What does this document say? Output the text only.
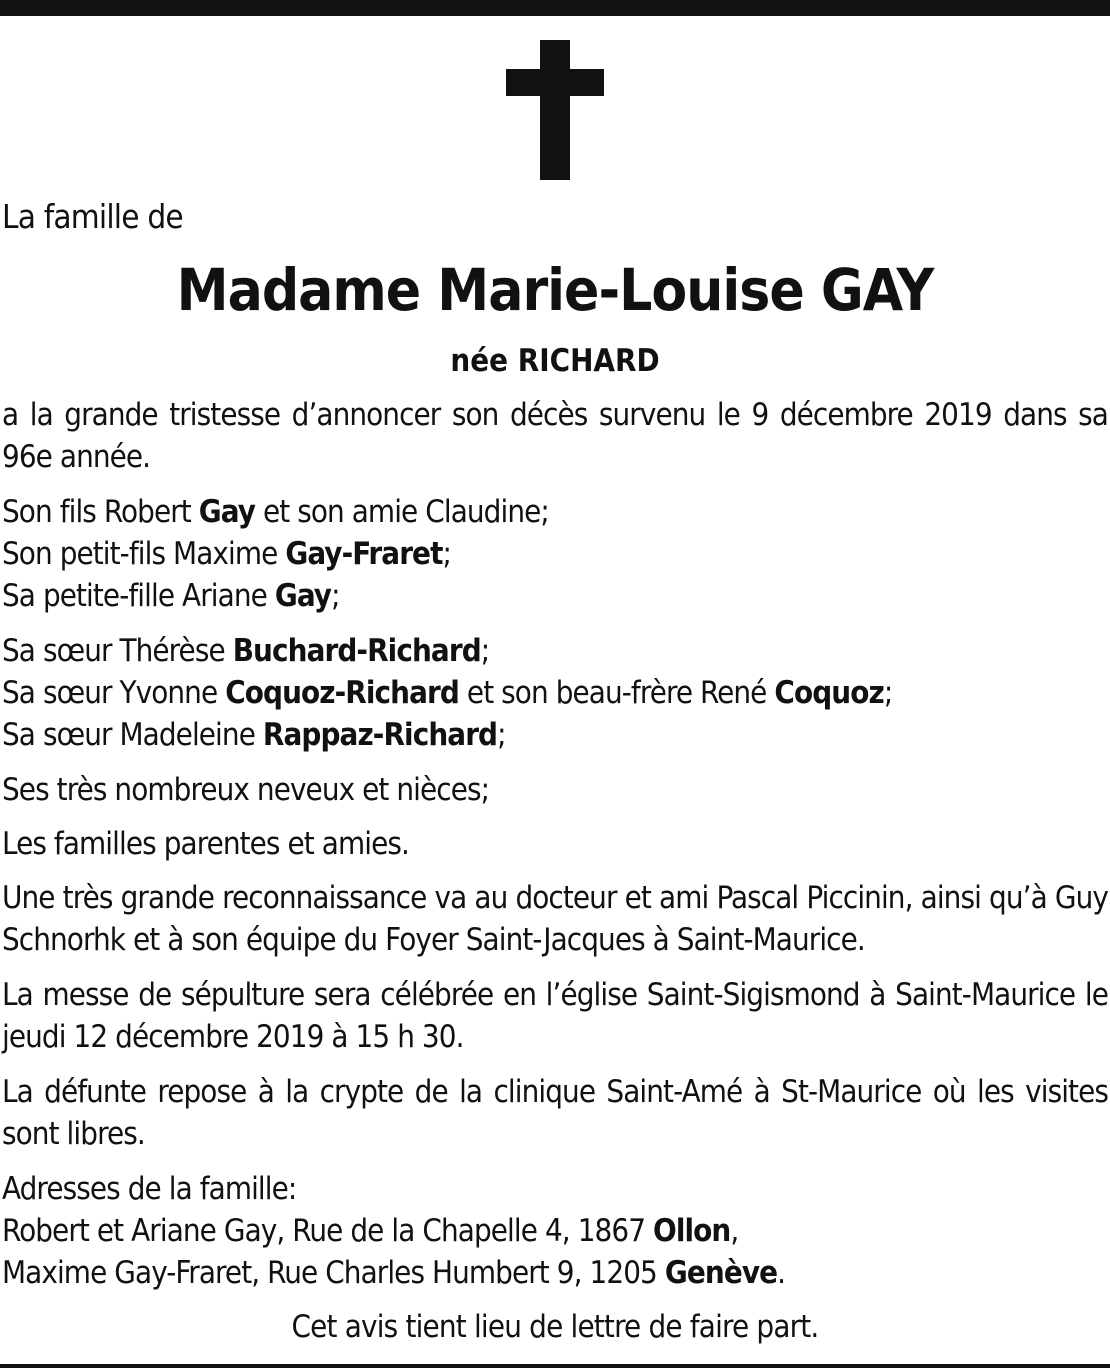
La famille de
Madame Marie-Louise GAY
née RICHARD
a la grande tristesse d’annoncer son décès survenu le 9 décembre 2019 dans sa 96e année.
Son fils Robert Gay et son amie Claudine;
Son petit-fils Maxime Gay-Fraret;
Sa petite-fille Ariane Gay;
Sa sœur Thérèse Buchard-Richard;
Sa sœur Yvonne Coquoz-Richard et son beau-frère René Coquoz;
Sa sœur Madeleine Rappaz-Richard;
Ses très nombreux neveux et nièces;
Les familles parentes et amies.
Une très grande reconnaissance va au docteur et ami Pascal Piccinin, ainsi qu’à Guy Schnorhk et à son équipe du Foyer Saint-Jacques à Saint-Maurice.
La messe de sépulture sera célébrée en l’église Saint-Sigismond à Saint-Maurice le jeudi 12 décembre 2019 à 15 h 30.
La défunte repose à la crypte de la clinique Saint-Amé à St-Maurice où les visites sont libres.
Adresses de la famille:
Robert et Ariane Gay, Rue de la Chapelle 4, 1867 Ollon,
Maxime Gay-Fraret, Rue Charles Humbert 9, 1205 Genève.
Cet avis tient lieu de lettre de faire part.
